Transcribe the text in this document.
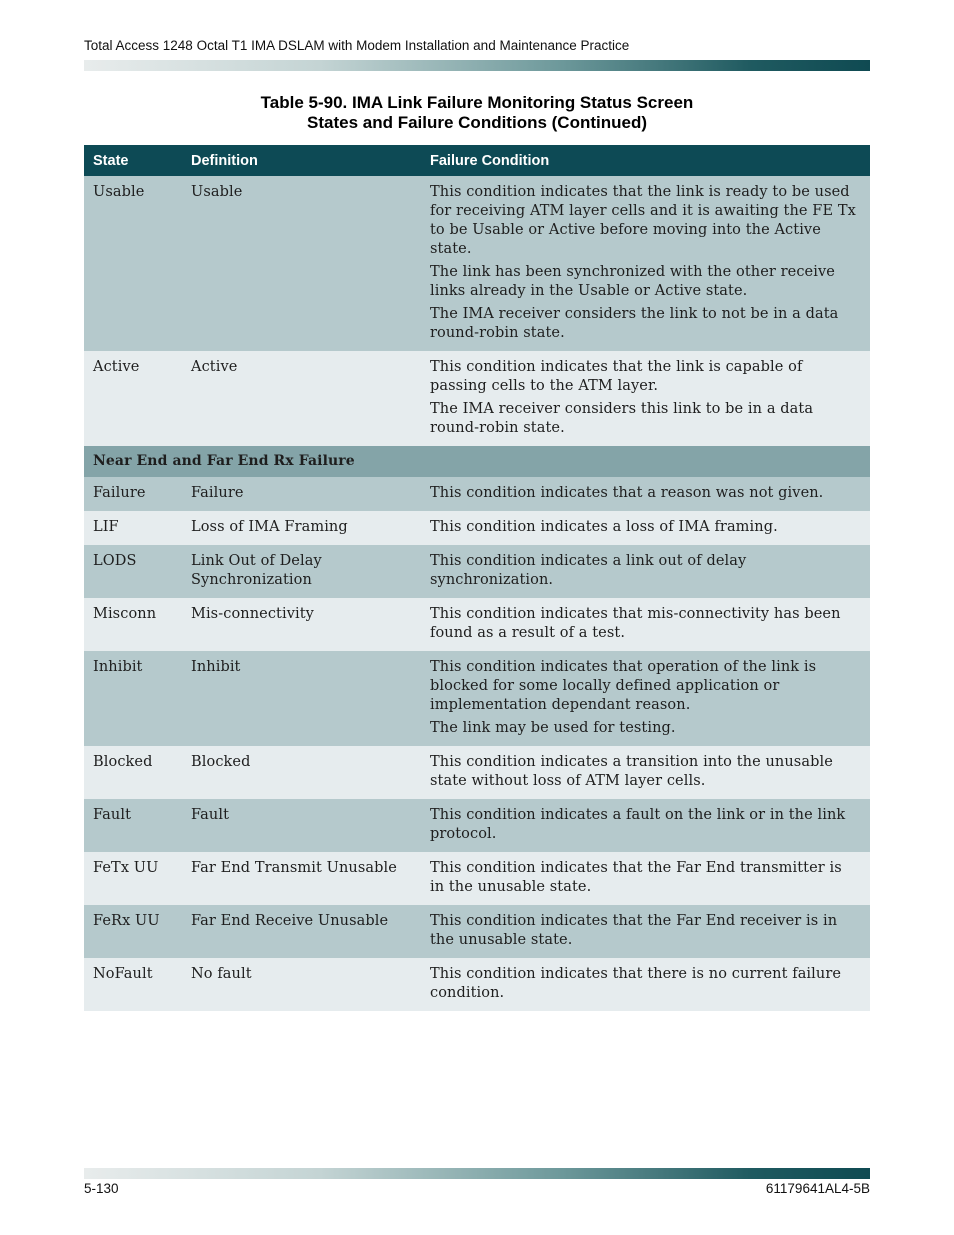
Total Access 1248 Octal T1 IMA DSLAM with Modem Installation and Maintenance Practice
Table 5-90. IMA Link Failure Monitoring Status Screen
States and Failure Conditions (Continued)
State	Definition	Failure Condition
Usable	Usable	This condition indicates that the link is ready to be used for receiving ATM layer cells and it is awaiting the FE Tx to be Usable or Active before moving into the Active state.

The link has been synchronized with the other receive links already in the Usable or Active state.

The IMA receiver considers the link to not be in a data round-robin state.

Active	Active	This condition indicates that the link is capable of passing cells to the ATM layer.

The IMA receiver considers this link to be in a data round-robin state.

Near End and Far End Rx Failure		
Failure	Failure	This condition indicates that a reason was not given.

LIF	Loss of IMA Framing	This condition indicates a loss of IMA framing.

LODS	Link Out of Delay Synchronization	This condition indicates a link out of delay synchronization.

Misconn	Mis-connectivity	This condition indicates that mis-connectivity has been found as a result of a test.

Inhibit	Inhibit	This condition indicates that operation of the link is blocked for some locally defined application or implementation dependant reason.

The link may be used for testing.

Blocked	Blocked	This condition indicates a transition into the unusable state without loss of ATM layer cells.

Fault	Fault	This condition indicates a fault on the link or in the link protocol.

FeTx UU	Far End Transmit Unusable	This condition indicates that the Far End transmitter is in the unusable state.

FeRx UU	Far End Receive Unusable	This condition indicates that the Far End receiver is in the unusable state.

NoFault	No fault	This condition indicates that there is no current failure condition.

5-130	61179641AL4-5B
